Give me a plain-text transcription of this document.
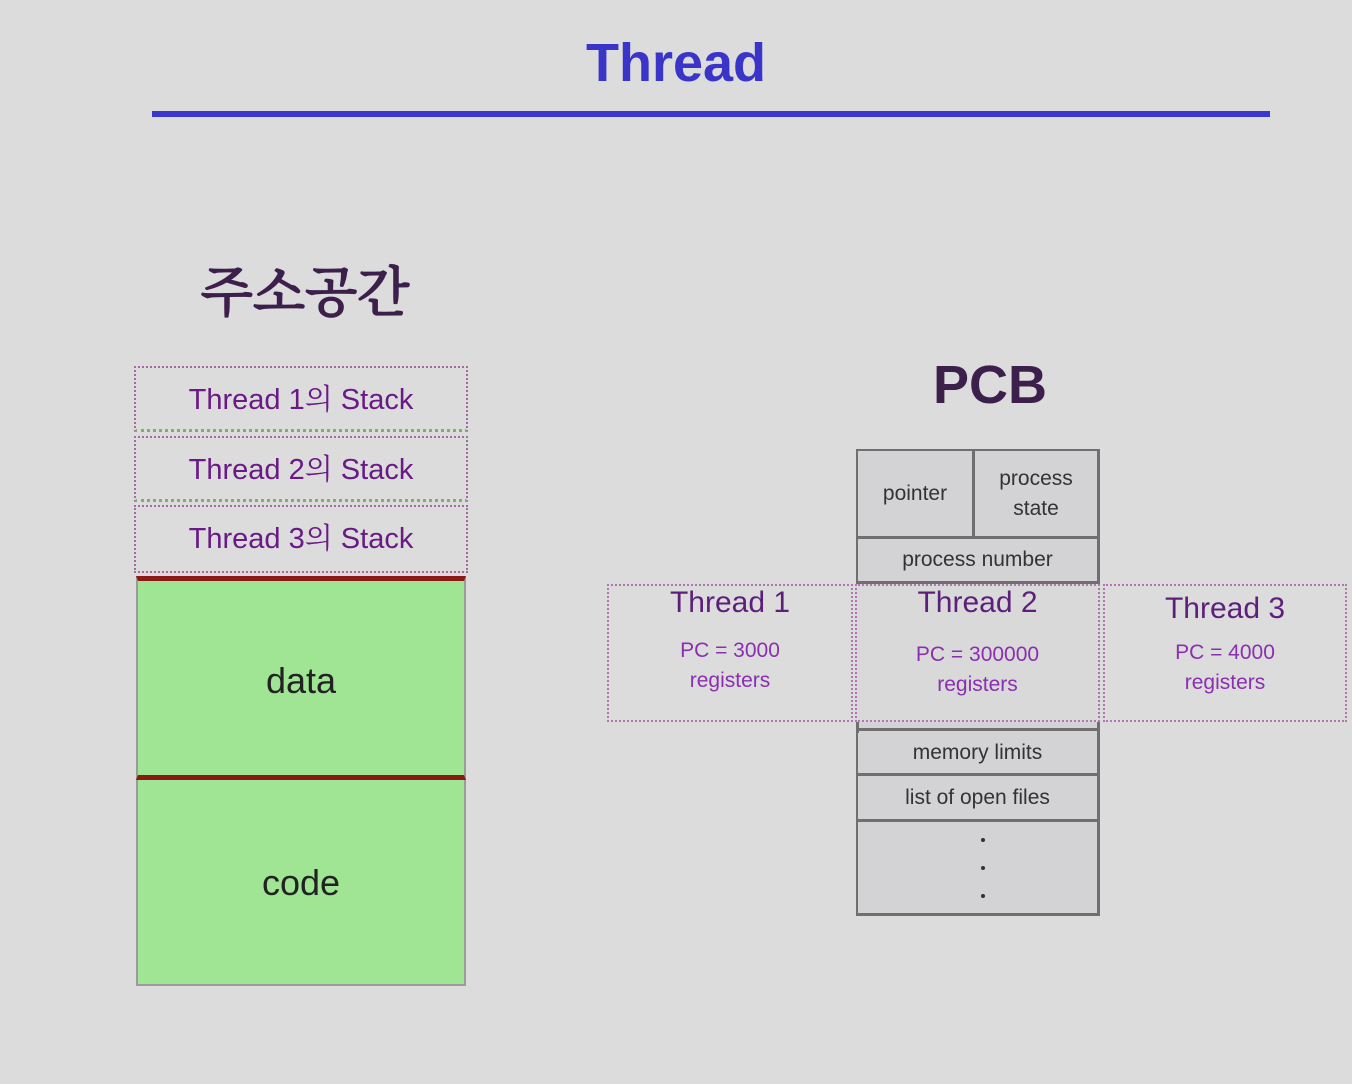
Thread
주소공간
Thread 1의 Stack
Thread 2의 Stack
Thread 3의 Stack
data
code
PCB
pointer
process state
process number
memory limits
list of open files
Thread 1
PC = 3000
registers
Thread 2
PC = 300000
registers
Thread 3
PC = 4000
registers
